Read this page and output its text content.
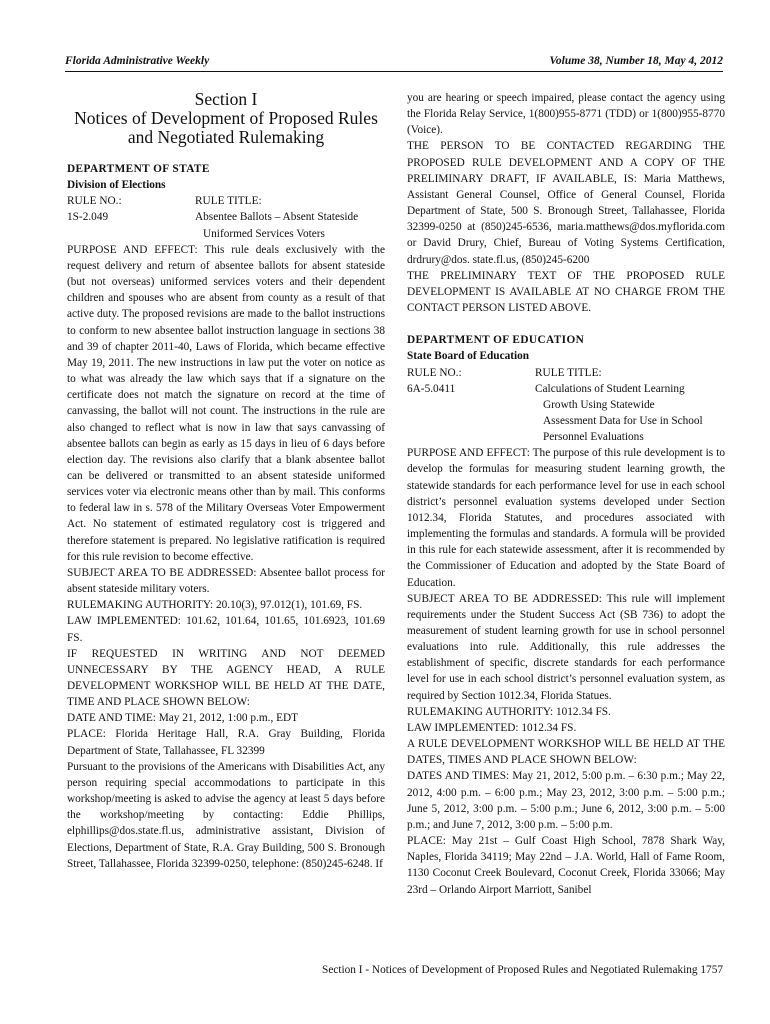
Florida Administrative Weekly	Volume 38, Number 18, May 4, 2012
Section I
Notices of Development of Proposed Rules
and Negotiated Rulemaking

DEPARTMENT OF STATE

Division of Elections

RULE NO.:	RULE TITLE:
1S-2.049	Absentee Ballots – Absent Stateside
Uniformed Services Voters

PURPOSE AND EFFECT: This rule deals exclusively with the request delivery and return of absentee ballots for absent stateside (but not overseas) uniformed services voters and their dependent children and spouses who are absent from county as a result of that active duty. The proposed revisions are made to the ballot instructions to conform to new absentee ballot instruction language in sections 38 and 39 of chapter 2011-40, Laws of Florida, which became effective May 19, 2011. The new instructions in law put the voter on notice as to what was already the law which says that if a signature on the certificate does not match the signature on record at the time of canvassing, the ballot will not count. The instructions in the rule are also changed to reflect what is now in law that says canvassing of absentee ballots can begin as early as 15 days in lieu of 6 days before election day. The revisions also clarify that a blank absentee ballot can be delivered or transmitted to an absent stateside uniformed services voter via electronic means other than by mail. This conforms to federal law in s. 578 of the Military Overseas Voter Empowerment Act. No statement of estimated regulatory cost is triggered and therefore statement is prepared. No legislative ratification is required for this rule revision to become effective.

SUBJECT AREA TO BE ADDRESSED: Absentee ballot process for absent stateside military voters.

RULEMAKING AUTHORITY: 20.10(3), 97.012(1), 101.69, FS.

LAW IMPLEMENTED: 101.62, 101.64, 101.65, 101.6923, 101.69 FS.

IF REQUESTED IN WRITING AND NOT DEEMED UNNECESSARY BY THE AGENCY HEAD, A RULE DEVELOPMENT WORKSHOP WILL BE HELD AT THE DATE, TIME AND PLACE SHOWN BELOW:

DATE AND TIME: May 21, 2012, 1:00 p.m., EDT

PLACE: Florida Heritage Hall, R.A. Gray Building, Florida Department of State, Tallahassee, FL 32399

Pursuant to the provisions of the Americans with Disabilities Act, any person requiring special accommodations to participate in this workshop/meeting is asked to advise the agency at least 5 days before the workshop/meeting by contacting: Eddie Phillips, elphillips@dos.state.fl.us, administrative assistant, Division of Elections, Department of State, R.A. Gray Building, 500 S. Bronough Street, Tallahassee, Florida 32399-0250, telephone: (850)245-6248. If

you are hearing or speech impaired, please contact the agency using the Florida Relay Service, 1(800)955-8771 (TDD) or 1(800)955-8770 (Voice).

THE PERSON TO BE CONTACTED REGARDING THE PROPOSED RULE DEVELOPMENT AND A COPY OF THE PRELIMINARY DRAFT, IF AVAILABLE, IS: Maria Matthews, Assistant General Counsel, Office of General Counsel, Florida Department of State, 500 S. Bronough Street, Tallahassee, Florida 32399-0250 at (850)245-6536, maria.matthews@dos.myflorida.com or David Drury, Chief, Bureau of Voting Systems Certification, drdrury@dos. state.fl.us, (850)245-6200

THE PRELIMINARY TEXT OF THE PROPOSED RULE DEVELOPMENT IS AVAILABLE AT NO CHARGE FROM THE CONTACT PERSON LISTED ABOVE.

DEPARTMENT OF EDUCATION

State Board of Education

RULE NO.:	RULE TITLE:
6A-5.0411	Calculations of Student Learning
Growth Using Statewide
Assessment Data for Use in School
Personnel Evaluations

PURPOSE AND EFFECT: The purpose of this rule development is to develop the formulas for measuring student learning growth, the statewide standards for each performance level for use in each school district’s personnel evaluation systems developed under Section 1012.34, Florida Statutes, and procedures associated with implementing the formulas and standards. A formula will be provided in this rule for each statewide assessment, after it is recommended by the Commissioner of Education and adopted by the State Board of Education.

SUBJECT AREA TO BE ADDRESSED: This rule will implement requirements under the Student Success Act (SB 736) to adopt the measurement of student learning growth for use in school personnel evaluations into rule. Additionally, this rule addresses the establishment of specific, discrete standards for each performance level for use in each school district’s personnel evaluation system, as required by Section 1012.34, Florida Statues.

RULEMAKING AUTHORITY: 1012.34 FS.

LAW IMPLEMENTED: 1012.34 FS.

A RULE DEVELOPMENT WORKSHOP WILL BE HELD AT THE DATES, TIMES AND PLACE SHOWN BELOW:

DATES AND TIMES: May 21, 2012, 5:00 p.m. – 6:30 p.m.; May 22, 2012, 4:00 p.m. – 6:00 p.m.; May 23, 2012, 3:00 p.m. – 5:00 p.m.; June 5, 2012, 3:00 p.m. – 5:00 p.m.; June 6, 2012, 3:00 p.m. – 5:00 p.m.; and June 7, 2012, 3:00 p.m. – 5:00 p.m.

PLACE: May 21st – Gulf Coast High School, 7878 Shark Way, Naples, Florida 34119; May 22nd – J.A. World, Hall of Fame Room, 1130 Coconut Creek Boulevard, Coconut Creek, Florida 33066; May 23rd – Orlando Airport Marriott, Sanibel

Section I - Notices of Development of Proposed Rules and Negotiated Rulemaking 1757
